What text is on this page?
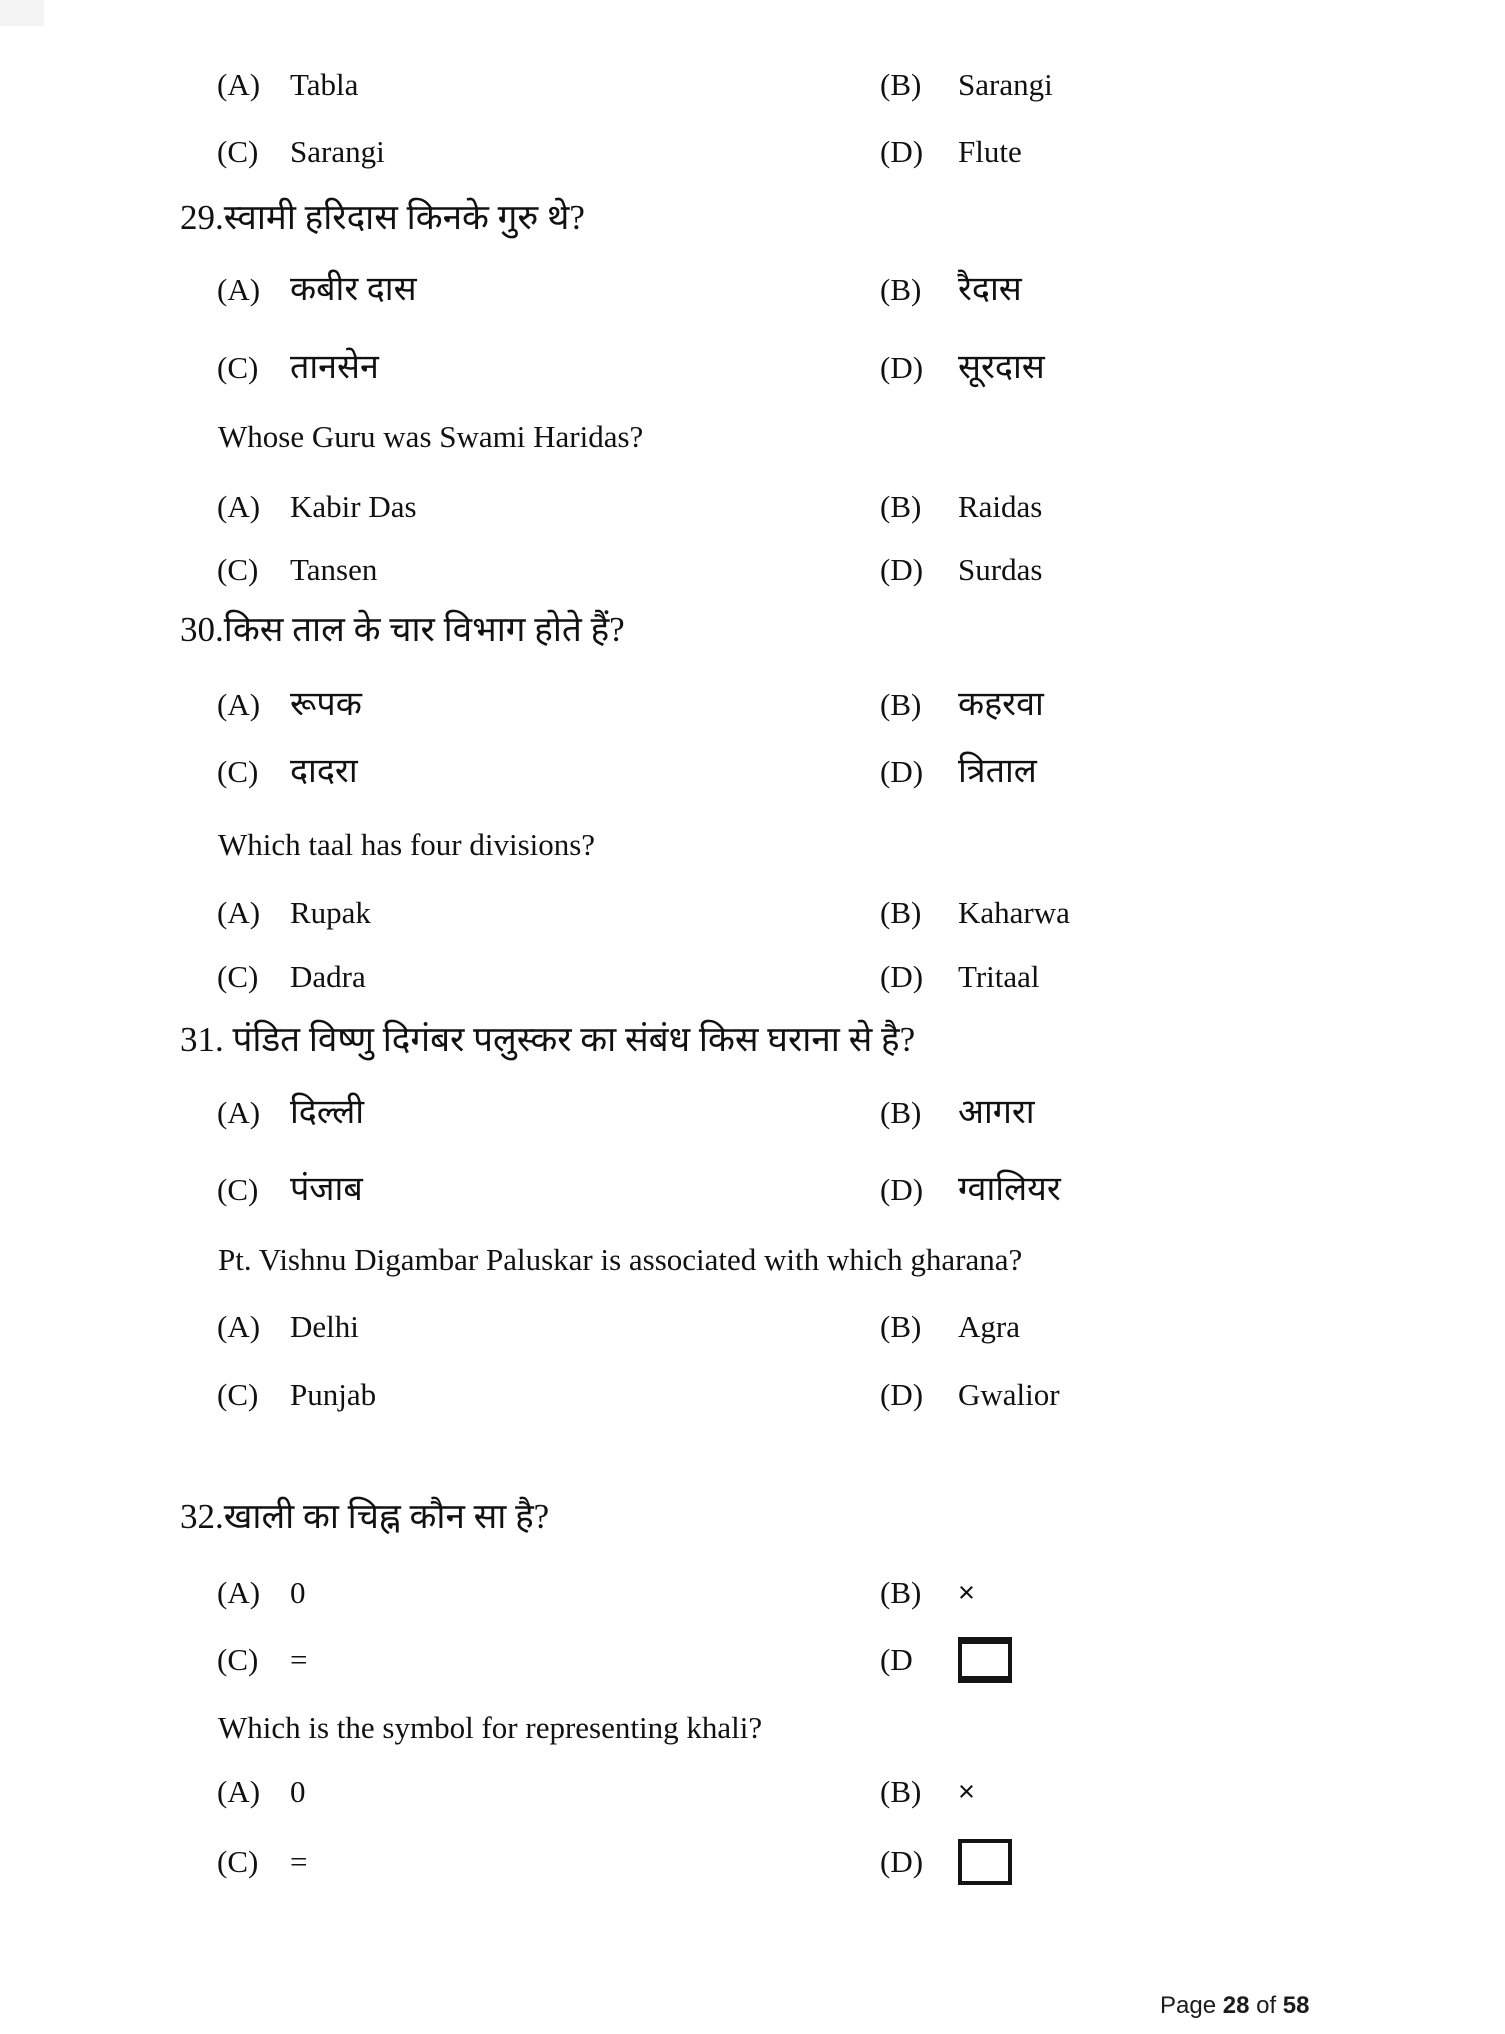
(A) Tabla	(B)	Sarangi
(C)	Sarangi	(D)	Flute
29.स्वामी हरिदास किनके गुरु थे?
(A) कबीर दास	(B)	रैदास
(C) तानसेन	(D)	सूरदास
Whose Guru was Swami Haridas?
(A) Kabir Das	(B)	Raidas
(C)	Tansen	(D)	Surdas
30.किस ताल के चार विभाग होते हैं?
(A) रूपक	(B)	कहरवा
(C) दादरा	(D)	त्रिताल
Which taal has four divisions?
(A) Rupak	(B)	Kaharwa
(C)	Dadra	(D)	Tritaal
31. पंडित विष्णु दिगंबर पलुस्कर का संबंध किस घराना से है?
(A) दिल्ली	(B)	आगरा
(C) पंजाब	(D)	ग्वालियर
Pt. Vishnu Digambar Paluskar is associated with which gharana?
(A) Delhi	(B)	Agra
(C)	Punjab	(D)	Gwalior
32.खाली का चिह्न कौन सा है?
(A) 0	(B)	×
(C)	=	(D
Which is the symbol for representing khali?
(A) 0	(B)	×
(C)	=	(D)
Page 28 of 58
